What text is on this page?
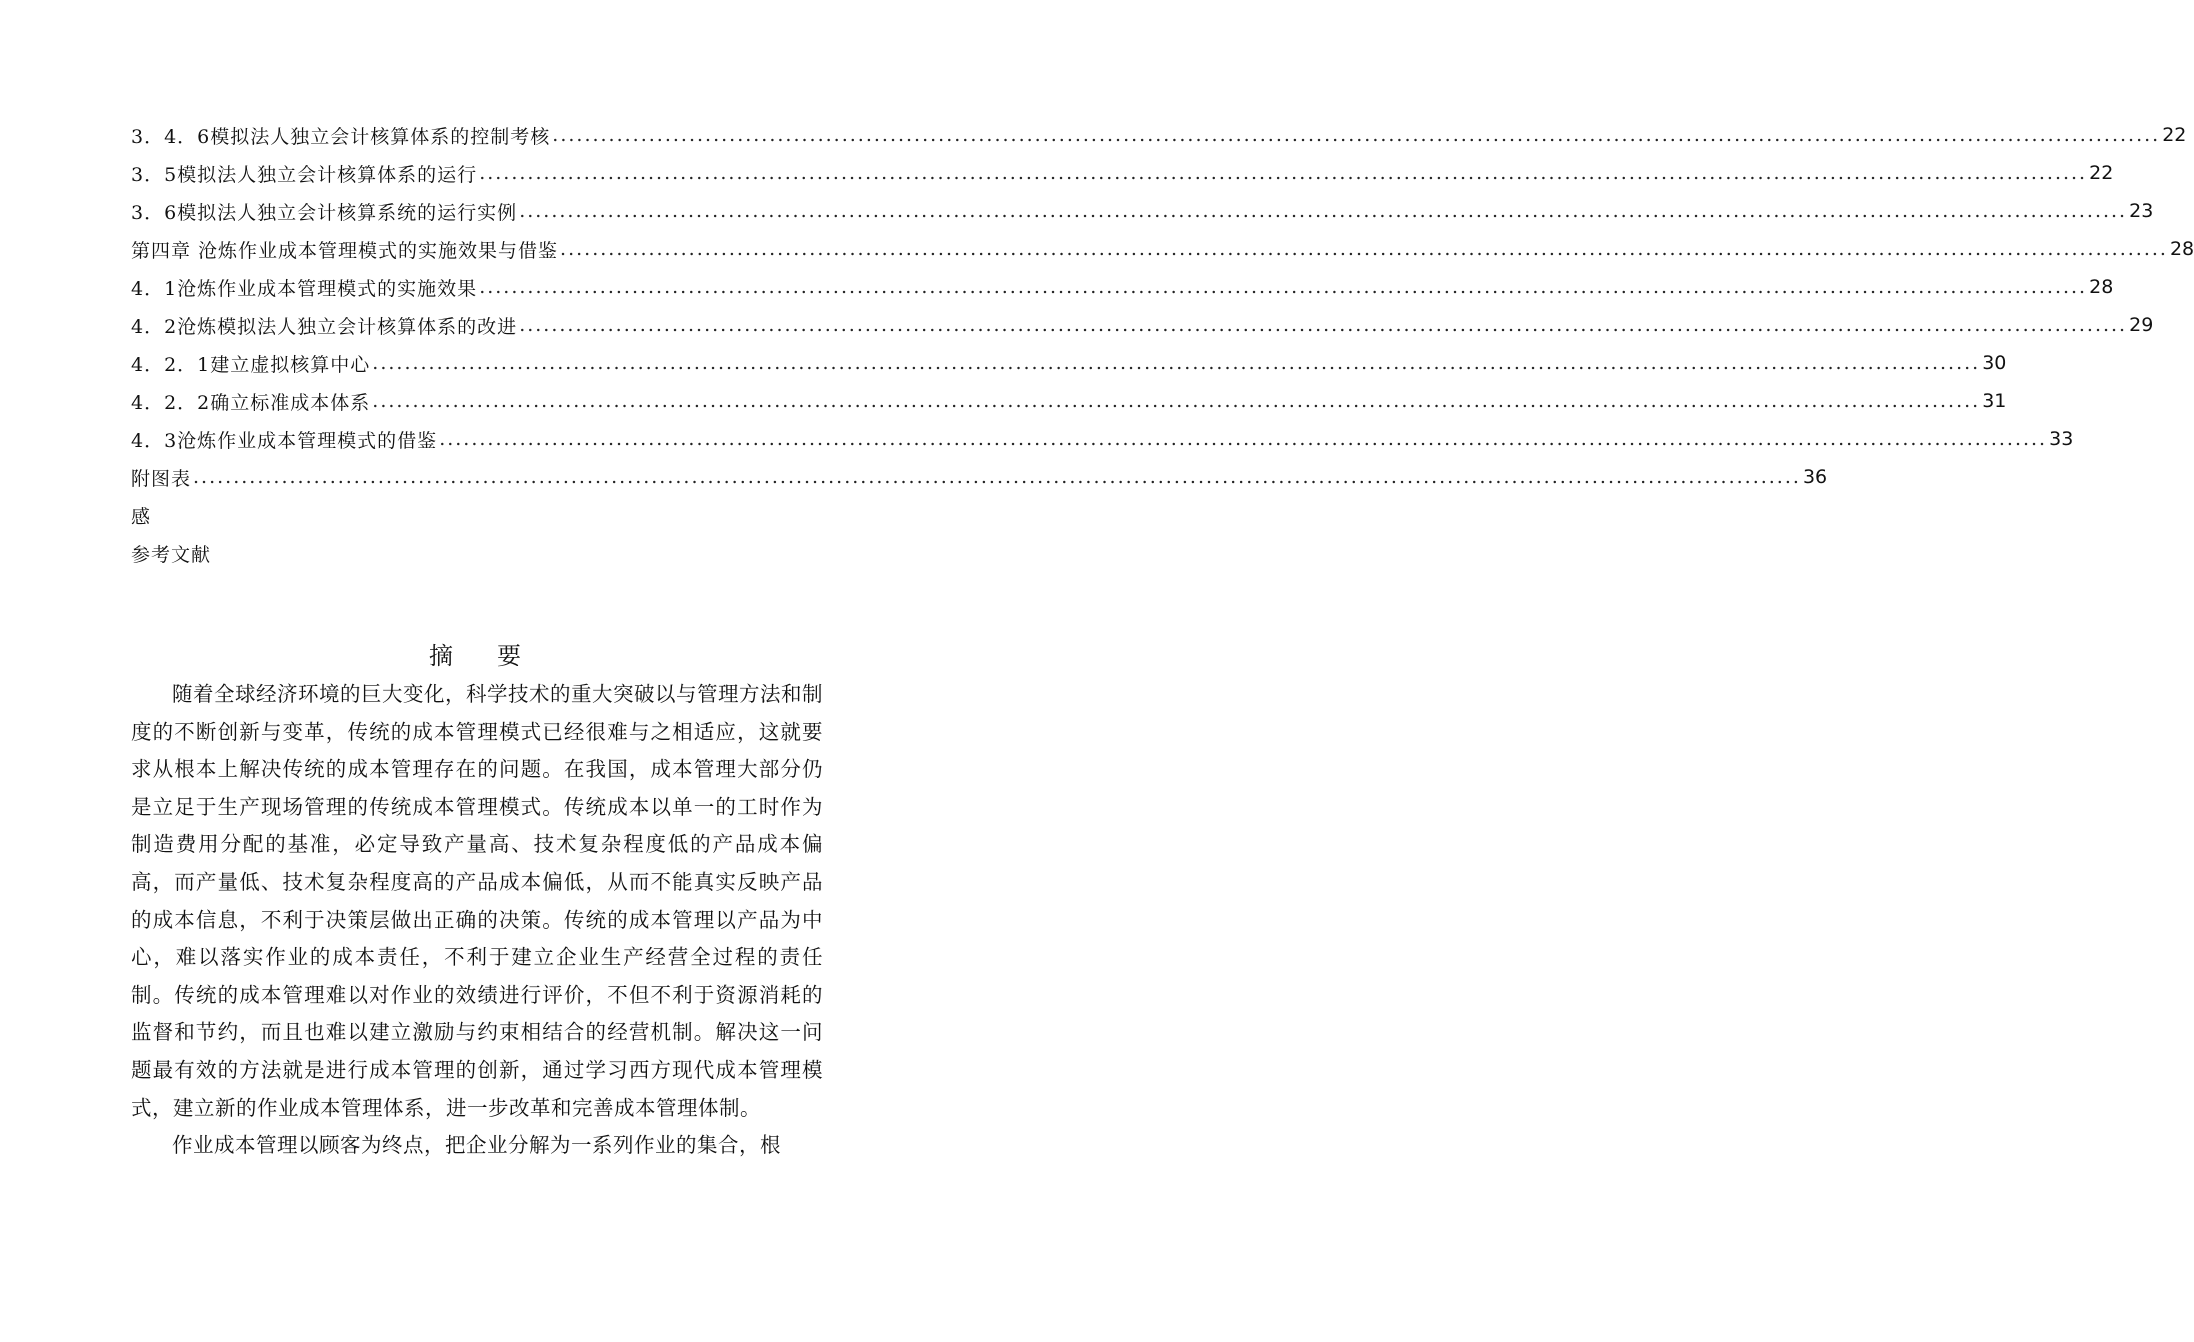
3．4．6模拟法人独立会计核算体系的控制考核 ........................................................................................................................................................................................................ 22
3．5模拟法人独立会计核算体系的运行 ........................................................................................................................................................................................................ 22
3．6模拟法人独立会计核算系统的运行实例 ........................................................................................................................................................................................................ 23
第四章 沧炼作业成本管理模式的实施效果与借鉴 ........................................................................................................................................................................................................ 28
4．1沧炼作业成本管理模式的实施效果 ........................................................................................................................................................................................................ 28
4．2沧炼模拟法人独立会计核算体系的改进 ........................................................................................................................................................................................................ 29
4．2．1建立虚拟核算中心 ........................................................................................................................................................................................................ 30
4．2．2确立标准成本体系 ........................................................................................................................................................................................................ 31
4．3沧炼作业成本管理模式的借鉴 ........................................................................................................................................................................................................ 33
附图表 ........................................................................................................................................................................................................ 36
感
参考文献
摘要

随着全球经济环境的巨大变化，科学技术的重大突破以与管理方法和制度的不断创新与变革，传统的成本管理模式已经很难与之相适应，这就要求从根本上解决传统的成本管理存在的问题。在我国，成本管理大部分仍是立足于生产现场管理的传统成本管理模式。传统成本以单一的工时作为制造费用分配的基准，必定导致产量高、技术复杂程度低的产品成本偏高，而产量低、技术复杂程度高的产品成本偏低，从而不能真实反映产品的成本信息，不利于决策层做出正确的决策。传统的成本管理以产品为中心，难以落实作业的成本责任，不利于建立企业生产经营全过程的责任制。传统的成本管理难以对作业的效绩进行评价，不但不利于资源消耗的监督和节约，而且也难以建立激励与约束相结合的经营机制。解决这一问题最有效的方法就是进行成本管理的创新，通过学习西方现代成本管理模式，建立新的作业成本管理体系，进一步改革和完善成本管理体制。

作业成本管理以顾客为终点，把企业分解为一系列作业的集合，根
